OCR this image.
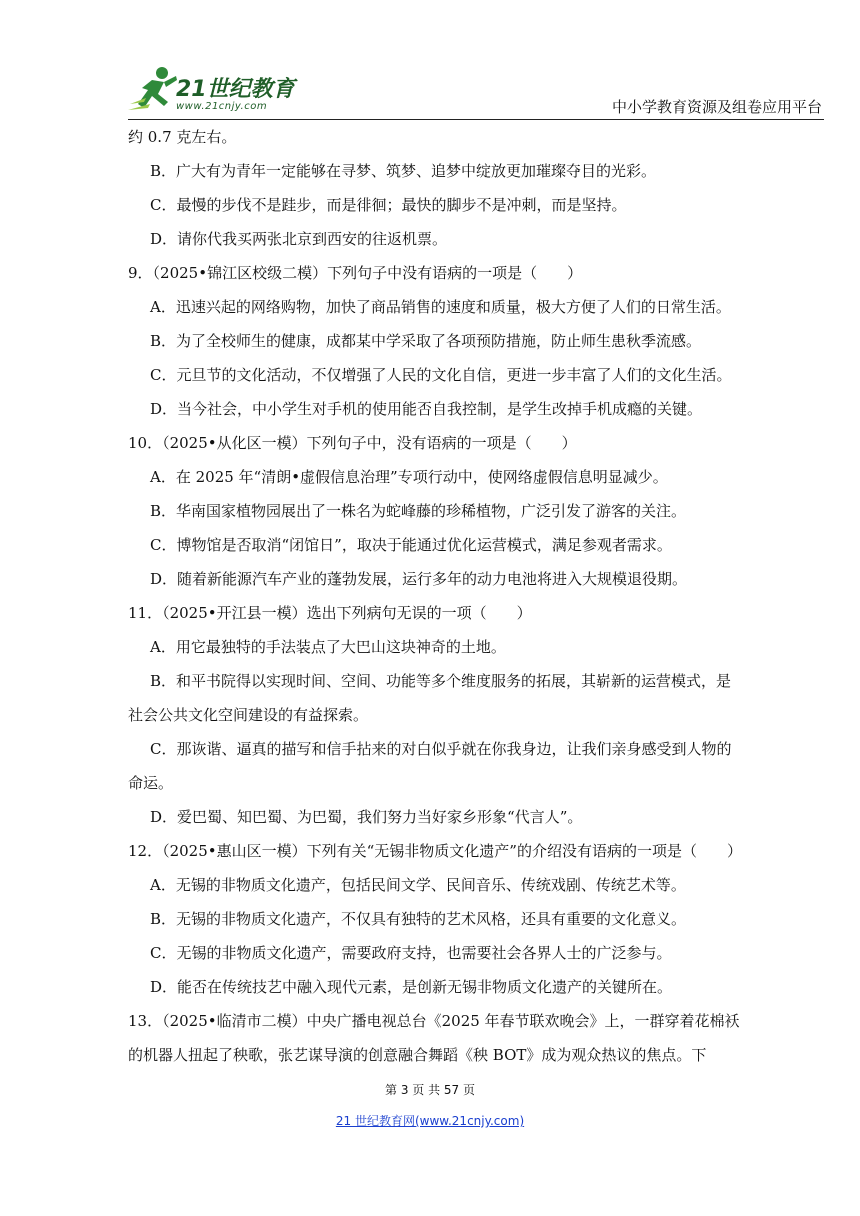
21世纪教育
www.21cnjy.com	中小学教育资源及组卷应用平台
约 0.7 克左右。
B．广大有为青年一定能够在寻梦、筑梦、追梦中绽放更加璀璨夺目的光彩。
C．最慢的步伐不是跬步，而是徘徊；最快的脚步不是冲刺，而是坚持。
D．请你代我买两张北京到西安的往返机票。
9．（2025•锦江区校级二模）下列句子中没有语病的一项是（　　）
A．迅速兴起的网络购物，加快了商品销售的速度和质量，极大方便了人们的日常生活。
B．为了全校师生的健康，成都某中学采取了各项预防措施，防止师生患秋季流感。
C．元旦节的文化活动，不仅增强了人民的文化自信，更进一步丰富了人们的文化生活。
D．当今社会，中小学生对手机的使用能否自我控制，是学生改掉手机成瘾的关键。
10．（2025•从化区一模）下列句子中，没有语病的一项是（　　）
A．在 2025 年“清朗•虚假信息治理”专项行动中，使网络虚假信息明显减少。
B．华南国家植物园展出了一株名为蛇峰藤的珍稀植物，广泛引发了游客的关注。
C．博物馆是否取消“闭馆日”，取决于能通过优化运营模式，满足参观者需求。
D．随着新能源汽车产业的蓬勃发展，运行多年的动力电池将进入大规模退役期。
11．（2025•开江县一模）选出下列病句无误的一项（　　）
A．用它最独特的手法装点了大巴山这块神奇的土地。
B．和平书院得以实现时间、空间、功能等多个维度服务的拓展，其崭新的运营模式，是
社会公共文化空间建设的有益探索。
C．那诙谐、逼真的描写和信手拈来的对白似乎就在你我身边，让我们亲身感受到人物的
命运。
D．爱巴蜀、知巴蜀、为巴蜀，我们努力当好家乡形象“代言人”。
12．（2025•惠山区一模）下列有关“无锡非物质文化遗产”的介绍没有语病的一项是（　　）
A．无锡的非物质文化遗产，包括民间文学、民间音乐、传统戏剧、传统艺术等。
B．无锡的非物质文化遗产，不仅具有独特的艺术风格，还具有重要的文化意义。
C．无锡的非物质文化遗产，需要政府支持，也需要社会各界人士的广泛参与。
D．能否在传统技艺中融入现代元素，是创新无锡非物质文化遗产的关键所在。
13．（2025•临清市二模）中央广播电视总台《2025 年春节联欢晚会》上，一群穿着花棉袄
的机器人扭起了秧歌，张艺谋导演的创意融合舞蹈《秧 BOT》成为观众热议的焦点。下
第 3 页 共 57 页
21 世纪教育网(www.21cnjy.com)
